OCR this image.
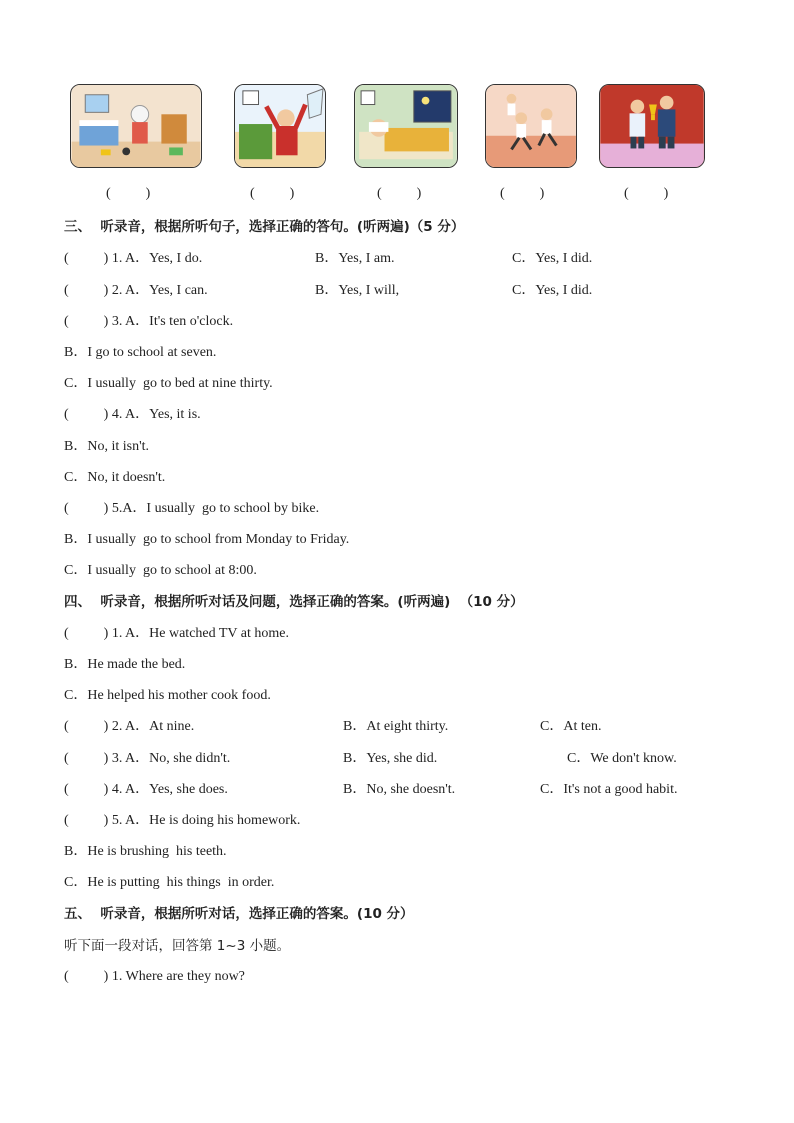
(          )	(          )	(          )	(          )	(          )
三、  听录音，根据所听句子，选择正确的答句。(听两遍)（5 分）
(          ) 1. A．Yes, I do.	B．Yes, I am.	C．Yes, I did.
(          ) 2. A．Yes, I can.	B．Yes, I will,	C．Yes, I did.
(          ) 3. A．It's ten o'clock.
B．I go to school at seven.
C．I usually  go to bed at nine thirty.
(          ) 4. A．Yes, it is.
B．No, it isn't.
C．No, it doesn't.
(          ) 5.A．I usually  go to school by bike.
B．I usually  go to school from Monday to Friday.
C．I usually  go to school at 8:00.
四、  听录音，根据所听对话及问题，选择正确的答案。(听两遍)  （10 分）
(          ) 1. A．He watched TV at home.
B．He made the bed.
C．He helped his mother cook food.
(          ) 2. A．At nine.	B．At eight thirty.	C．At ten.
(          ) 3. A．No, she didn't.	B．Yes, she did.	C．We don't know.
(          ) 4. A．Yes, she does.	B．No, she doesn't.	C．It's not a good habit.
(          ) 5. A．He is doing his homework.
B．He is brushing  his teeth.
C．He is putting  his things  in order.
五、  听录音，根据所听对话，选择正确的答案。(10 分）
听下面一段对话，回答第 1~3 小题。
(          ) 1. Where are they now?
